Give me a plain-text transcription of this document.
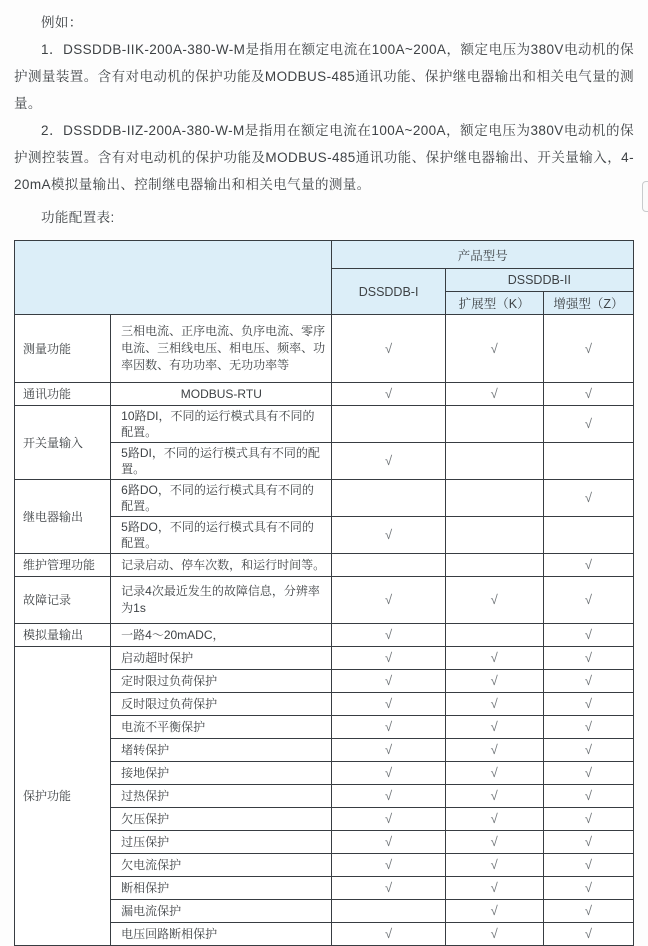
例如：

1．DSSDDB-IIK-200A-380-W-M是指用在额定电流在100A~200A，额定电压为380V电动机的保护测量装置。含有对电动机的保护功能及MODBUS-485通讯功能、保护继电器输出和相关电气量的测量。

2．DSSDDB-IIZ-200A-380-W-M是指用在额定电流在100A~200A，额定电压为380V电动机的保护测控装置。含有对电动机的保护功能及MODBUS-485通讯功能、保护继电器输出、开关量输入，4-20mA模拟量输出、控制继电器输出和相关电气量的测量。

功能配置表:

		产品型号		
		DSSDDB-I	DSSDDB-II	
			扩展型（K）	增强型（Z）
测量功能	三相电流、正序电流、负序电流、零序电流、三相线电压、相电压、频率、功率因数、有功功率、无功功率等	√	√	√
通讯功能	MODBUS-RTU	√	√	√
开关量输入	10路DI，不同的运行模式具有不同的配置。			√
	5路DI，不同的运行模式具有不同的配置。	√		
继电器输出	6路DO，不同的运行模式具有不同的配置。			√
	5路DO，不同的运行模式具有不同的配置。	√		
维护管理功能	记录启动、停车次数，和运行时间等。			√
故障记录	记录4次最近发生的故障信息，分辨率为1s	√	√	√
模拟量输出	一路4～20mADC，	√		√
保护功能	启动超时保护	√	√	√
	定时限过负荷保护	√	√	√
	反时限过负荷保护	√	√	√
	电流不平衡保护	√	√	√
	堵转保护	√	√	√
	接地保护	√	√	√
	过热保护	√	√	√
	欠压保护	√	√	√
	过压保护	√	√	√
	欠电流保护	√	√	√
	断相保护	√	√	√
	漏电流保护		√	√
	电压回路断相保护	√	√	√
